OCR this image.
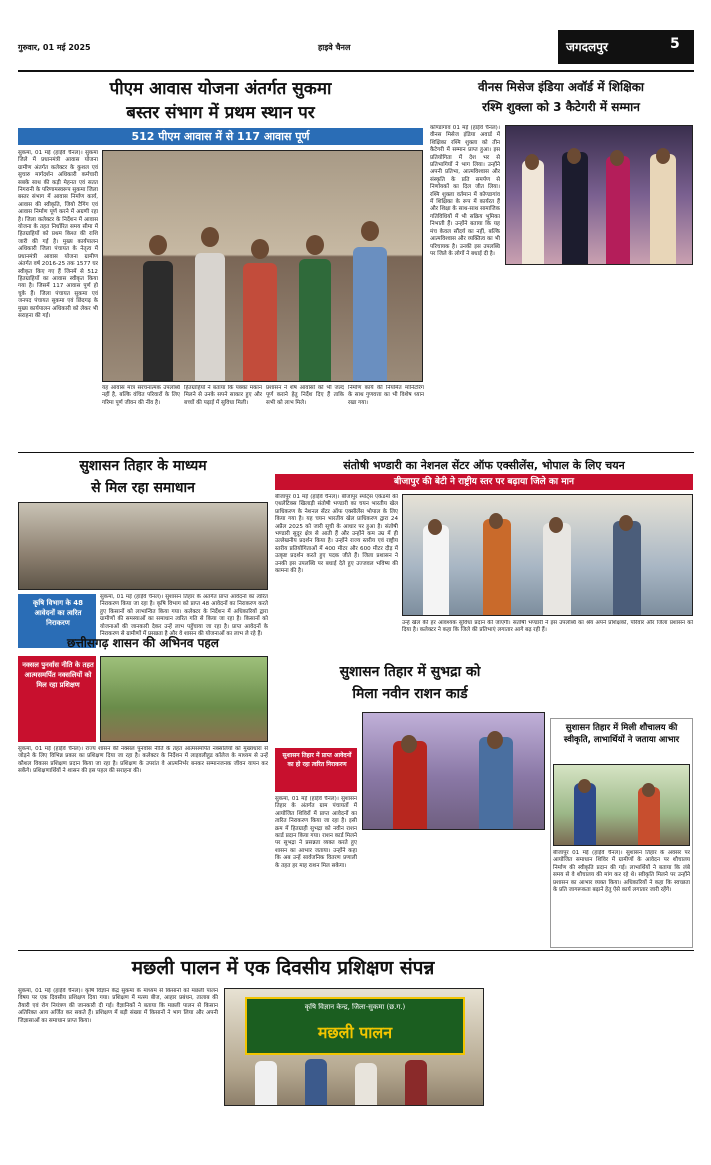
गुरुवार, 01 मई 2025	हाइवे चैनल	जगदलपुर	5
पीएम आवास योजना अंतर्गत सुकमा
बस्तर संभाग में प्रथम स्थान पर
512 पीएम आवास में से 117 आवास पूर्ण
सुकमा, 01 मई (हाईवे चैनल)। सुकमा जिले में प्रधानमंत्री आवास योजना ग्रामीण अंतर्गत कलेक्टर के कुशल एवं सुचारु मार्गदर्शन अधिकारी कर्मचारी सबके साथ की कड़ी मेहनत एवं सतत निगरानी के परिणामस्वरूप सुकमा जिला बस्तर संभाग में आवास निर्माण कार्य, आवास की स्वीकृति, जियो टैगिंग एवं आवास निर्माण पूर्ण करने में अग्रणी रहा है। जिला कलेक्टर के निर्देशन में आवास योजना के तहत निर्धारित समय सीमा में हितग्राहियों को प्रथम किश्त की राशि जारी की गई है। मुख्य कार्यपालन अधिकारी जिला पंचायत के नेतृत्व में प्रधानमंत्री आवास योजना ग्रामीण अंतर्गत वर्ष 2016-25 तक 1577 घर स्वीकृत किए गए हैं जिनमें से 512 हितग्राहियों का आवास स्वीकृत किया गया है। जिसमें 117 आवास पूर्ण हो चुके हैं। जिला पंचायत सुकमा एवं जनपद पंचायत सुकमा एवं छिंदगढ़ के मुख्य कार्यपालन अधिकारी को लेकर भी सराहना की गई।
यह आवास मात्र संरचनात्मक उपलब्धि नहीं है, बल्कि वंचित परिवारों के लिए गरिमा पूर्ण जीवन की नींव है।
हितग्राहियों ने बताया कि पक्का मकान मिलने से उनके सपने साकार हुए और बच्चों की पढ़ाई में सुविधा मिली।
प्रशासन ने शेष आवासों को भी जल्द पूर्ण कराने हेतु निर्देश दिए हैं ताकि सभी को लाभ मिले।
निर्माण कार्य की नियमित मॉनिटरिंग के साथ गुणवत्ता का भी विशेष ध्यान रखा गया।
वीनस मिसेज इंडिया अवॉर्ड में शिक्षिका
रश्मि शुक्ला को 3 कैटेगरी में सम्मान
कोण्डागांव 01 मई (हाईवे चैनल)। वीनस मिसेज इंडिया अवार्ड में शिक्षिका रश्मि शुक्ला को तीन कैटेगरी में सम्मान प्राप्त हुआ। इस प्रतियोगिता में देश भर से प्रतिभागियों ने भाग लिया। उन्होंने अपनी प्रतिभा, आत्मविश्वास और संस्कृति के प्रति समर्पण से निर्णायकों का दिल जीत लिया। रश्मि शुक्ला वर्तमान में कोण्डागांव में शिक्षिका के रूप में कार्यरत हैं और शिक्षा के साथ-साथ सामाजिक गतिविधियों में भी सक्रिय भूमिका निभाती हैं। उन्होंने बताया कि यह मंच केवल सौंदर्य का नहीं, बल्कि आत्मविश्वास और व्यक्तित्व का भी परिचायक है। उनकी इस उपलब्धि पर जिले के लोगों ने बधाई दी है।
सुशासन तिहार के माध्यम
से मिल रहा समाधान
कृषि विभाग के 48 आवेदनों का त्वरित निराकरण
सुकमा, 01 मई (हाईवे चैनल)। सुशासन तिहार के अंतर्गत प्राप्त आवेदनों का त्वरित निराकरण किया जा रहा है। कृषि विभाग को प्राप्त 48 आवेदनों का निराकरण करते हुए किसानों को लाभान्वित किया गया। कलेक्टर के निर्देशन में अधिकारियों द्वारा ग्रामीणों की समस्याओं का समाधान त्वरित गति से किया जा रहा है। किसानों को योजनाओं की जानकारी देकर उन्हें लाभ पहुँचाया जा रहा है। प्राप्त आवेदनों के निराकरण से ग्रामीणों में प्रसन्नता है और वे शासन की योजनाओं का लाभ ले रहे हैं।
संतोषी भण्डारी का नेशनल सेंटर ऑफ एक्सीलेंस, भोपाल के लिए चयन
बीजापुर की बेटी ने राष्ट्रीय स्तर पर बढ़ाया जिले का मान
बीजापुर 01 मई (हाईवे चैनल)। बीजापुर स्पोर्ट्स एकेडमी की एथलेटिक्स खिलाड़ी संतोषी भण्डारी का चयन भारतीय खेल प्राधिकरण के नेशनल सेंटर ऑफ एक्सीलेंस भोपाल के लिए किया गया है। यह चयन भारतीय खेल प्राधिकरण द्वारा 24 अप्रैल 2025 को जारी सूची के आधार पर हुआ है। संतोषी भण्डारी सुदूर क्षेत्र से आती हैं और उन्होंने कम उम्र में ही उल्लेखनीय प्रदर्शन किया है। उन्होंने राज्य स्तरीय एवं राष्ट्रीय स्तरीय प्रतियोगिताओं में 400 मीटर और 600 मीटर दौड़ में उत्कृष्ट प्रदर्शन करते हुए पदक जीते हैं। जिला प्रशासन ने उनकी इस उपलब्धि पर बधाई देते हुए उज्जवल भविष्य की कामना की है।
उन्हें खेल की हर आवश्यक सुविधा प्रदान की जाएगी। संतोषी भण्डारी ने इस उपलब्धि का श्रेय अपने प्रशिक्षकों, परिवार और जिला प्रशासन को दिया है। कलेक्टर ने कहा कि जिले की प्रतिभाएं लगातार आगे बढ़ रही हैं।
छत्तीसगढ़ शासन की अभिनव पहल
नक्सल पुनर्वास नीति के तहत आत्मसमर्पित नक्सलियों को मिल रहा प्रशिक्षण
सुकमा, 01 मई (हाईवे चैनल)। राज्य शासन की नक्सल पुनर्वास नीति के तहत आत्मसमर्पित नक्सलियों को मुख्यधारा से जोड़ने के लिए विभिन्न प्रकार का प्रशिक्षण दिया जा रहा है। कलेक्टर के निर्देशन में लाइवलीहुड कॉलेज के माध्यम से उन्हें कौशल विकास प्रशिक्षण प्रदान किया जा रहा है। प्रशिक्षण के उपरांत वे आत्मनिर्भर बनकर सम्मानजनक जीवन यापन कर सकेंगे। प्रशिक्षणार्थियों ने शासन की इस पहल की सराहना की।
सुशासन तिहार में सुभद्रा को
मिला नवीन राशन कार्ड
सुशासन तिहार में प्राप्त आवेदनों का हो रहा त्वरित निराकरण
सुकमा, 01 मई (हाईवे चैनल)। सुशासन तिहार के अंतर्गत ग्राम पंचायतों में आयोजित शिविरों में प्राप्त आवेदनों का त्वरित निराकरण किया जा रहा है। इसी क्रम में हितग्राही सुभद्रा को नवीन राशन कार्ड प्रदान किया गया। राशन कार्ड मिलने पर सुभद्रा ने प्रसन्नता व्यक्त करते हुए शासन का आभार जताया। उन्होंने कहा कि अब उन्हें सार्वजनिक वितरण प्रणाली के तहत हर माह राशन मिल सकेगा।
सुशासन तिहार में मिली शौचालय की स्वीकृति, लाभार्थियों ने जताया आभार
बीजापुर 01 मई (हाईवे चैनल)। सुशासन तिहार के अवसर पर आयोजित समाधान शिविर में ग्रामीणों के आवेदन पर शौचालय निर्माण की स्वीकृति प्रदान की गई। लाभार्थियों ने बताया कि लंबे समय से वे शौचालय की मांग कर रहे थे। स्वीकृति मिलने पर उन्होंने प्रशासन का आभार व्यक्त किया। अधिकारियों ने कहा कि स्वच्छता के प्रति जागरूकता बढ़ाने हेतु ऐसे कार्य लगातार जारी रहेंगे।
मछली पालन में एक दिवसीय प्रशिक्षण संपन्न
सुकमा, 01 मई (हाईवे चैनल)। कृषि विज्ञान केंद्र सुकमा के माध्यम से किसानों को मछली पालन विषय पर एक दिवसीय प्रशिक्षण दिया गया। प्रशिक्षण में मत्स्य बीज, आहार प्रबंधन, तालाब की तैयारी एवं रोग नियंत्रण की जानकारी दी गई। वैज्ञानिकों ने बताया कि मछली पालन से किसान अतिरिक्त आय अर्जित कर सकते हैं। प्रशिक्षण में बड़ी संख्या में किसानों ने भाग लिया और अपनी जिज्ञासाओं का समाधान प्राप्त किया।
कृषि विज्ञान केन्द्र, जिला-सुकमा (छ.ग.)
मछली पालन
